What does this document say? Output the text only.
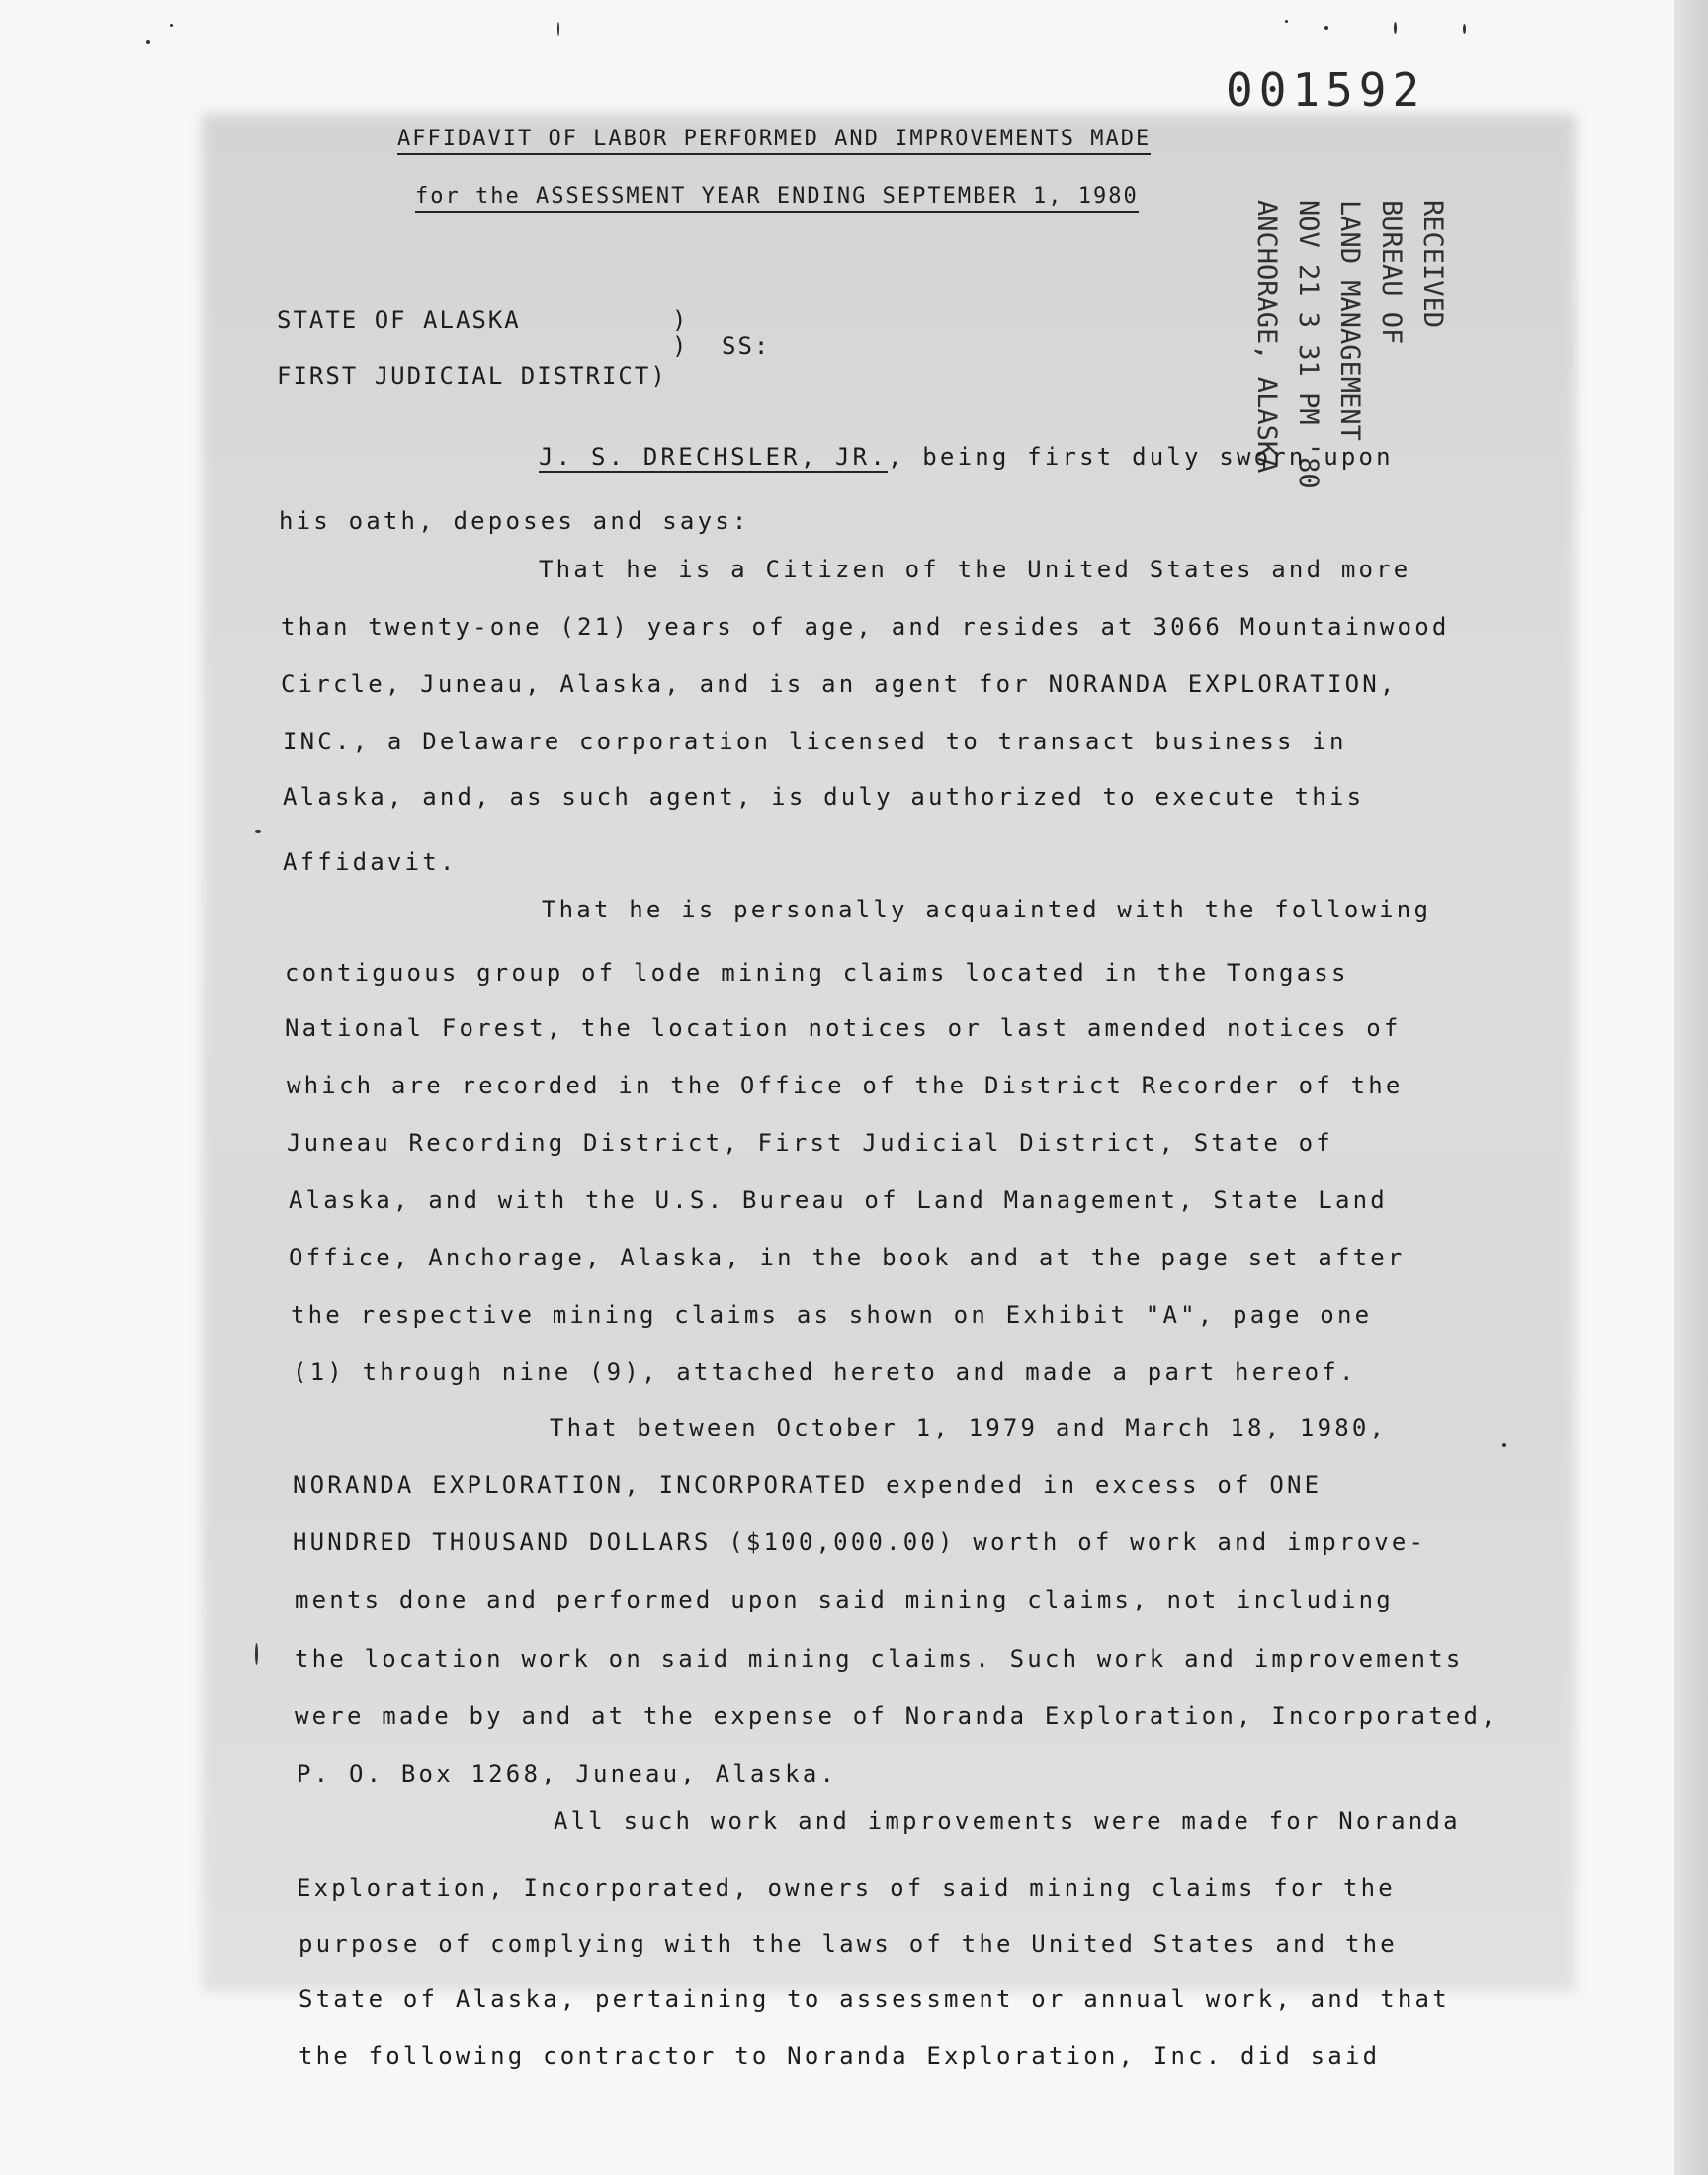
001592
AFFIDAVIT OF LABOR PERFORMED AND IMPROVEMENTS MADE
for the ASSESSMENT YEAR ENDING SEPTEMBER 1, 1980
STATE OF ALASKA	)
) SS:
FIRST JUDICIAL DISTRICT)
RECEIVED
BUREAU OF
LAND MANAGEMENT
NOV 21 3 31 PM '80
ANCHORAGE, ALASKA
J. S. DRECHSLER, JR., being first duly sworn upon
his oath, deposes and says:
That he is a Citizen of the United States and more
than twenty-one (21) years of age, and resides at 3066 Mountainwood
Circle, Juneau, Alaska, and is an agent for NORANDA EXPLORATION,
INC., a Delaware corporation licensed to transact business in
Alaska, and, as such agent, is duly authorized to execute this
Affidavit.
That he is personally acquainted with the following
contiguous group of lode mining claims located in the Tongass
National Forest, the location notices or last amended notices of
which are recorded in the Office of the District Recorder of the
Juneau Recording District, First Judicial District, State of
Alaska, and with the U.S. Bureau of Land Management, State Land
Office, Anchorage, Alaska, in the book and at the page set after
the respective mining claims as shown on Exhibit "A", page one
(1) through nine (9), attached hereto and made a part hereof.
That between October 1, 1979 and March 18, 1980,
NORANDA EXPLORATION, INCORPORATED expended in excess of ONE
HUNDRED THOUSAND DOLLARS ($100,000.00) worth of work and improve-
ments done and performed upon said mining claims, not including
the location work on said mining claims. Such work and improvements
were made by and at the expense of Noranda Exploration, Incorporated,
P. O. Box 1268, Juneau, Alaska.
All such work and improvements were made for Noranda
Exploration, Incorporated, owners of said mining claims for the
purpose of complying with the laws of the United States and the
State of Alaska, pertaining to assessment or annual work, and that
the following contractor to Noranda Exploration, Inc. did said
